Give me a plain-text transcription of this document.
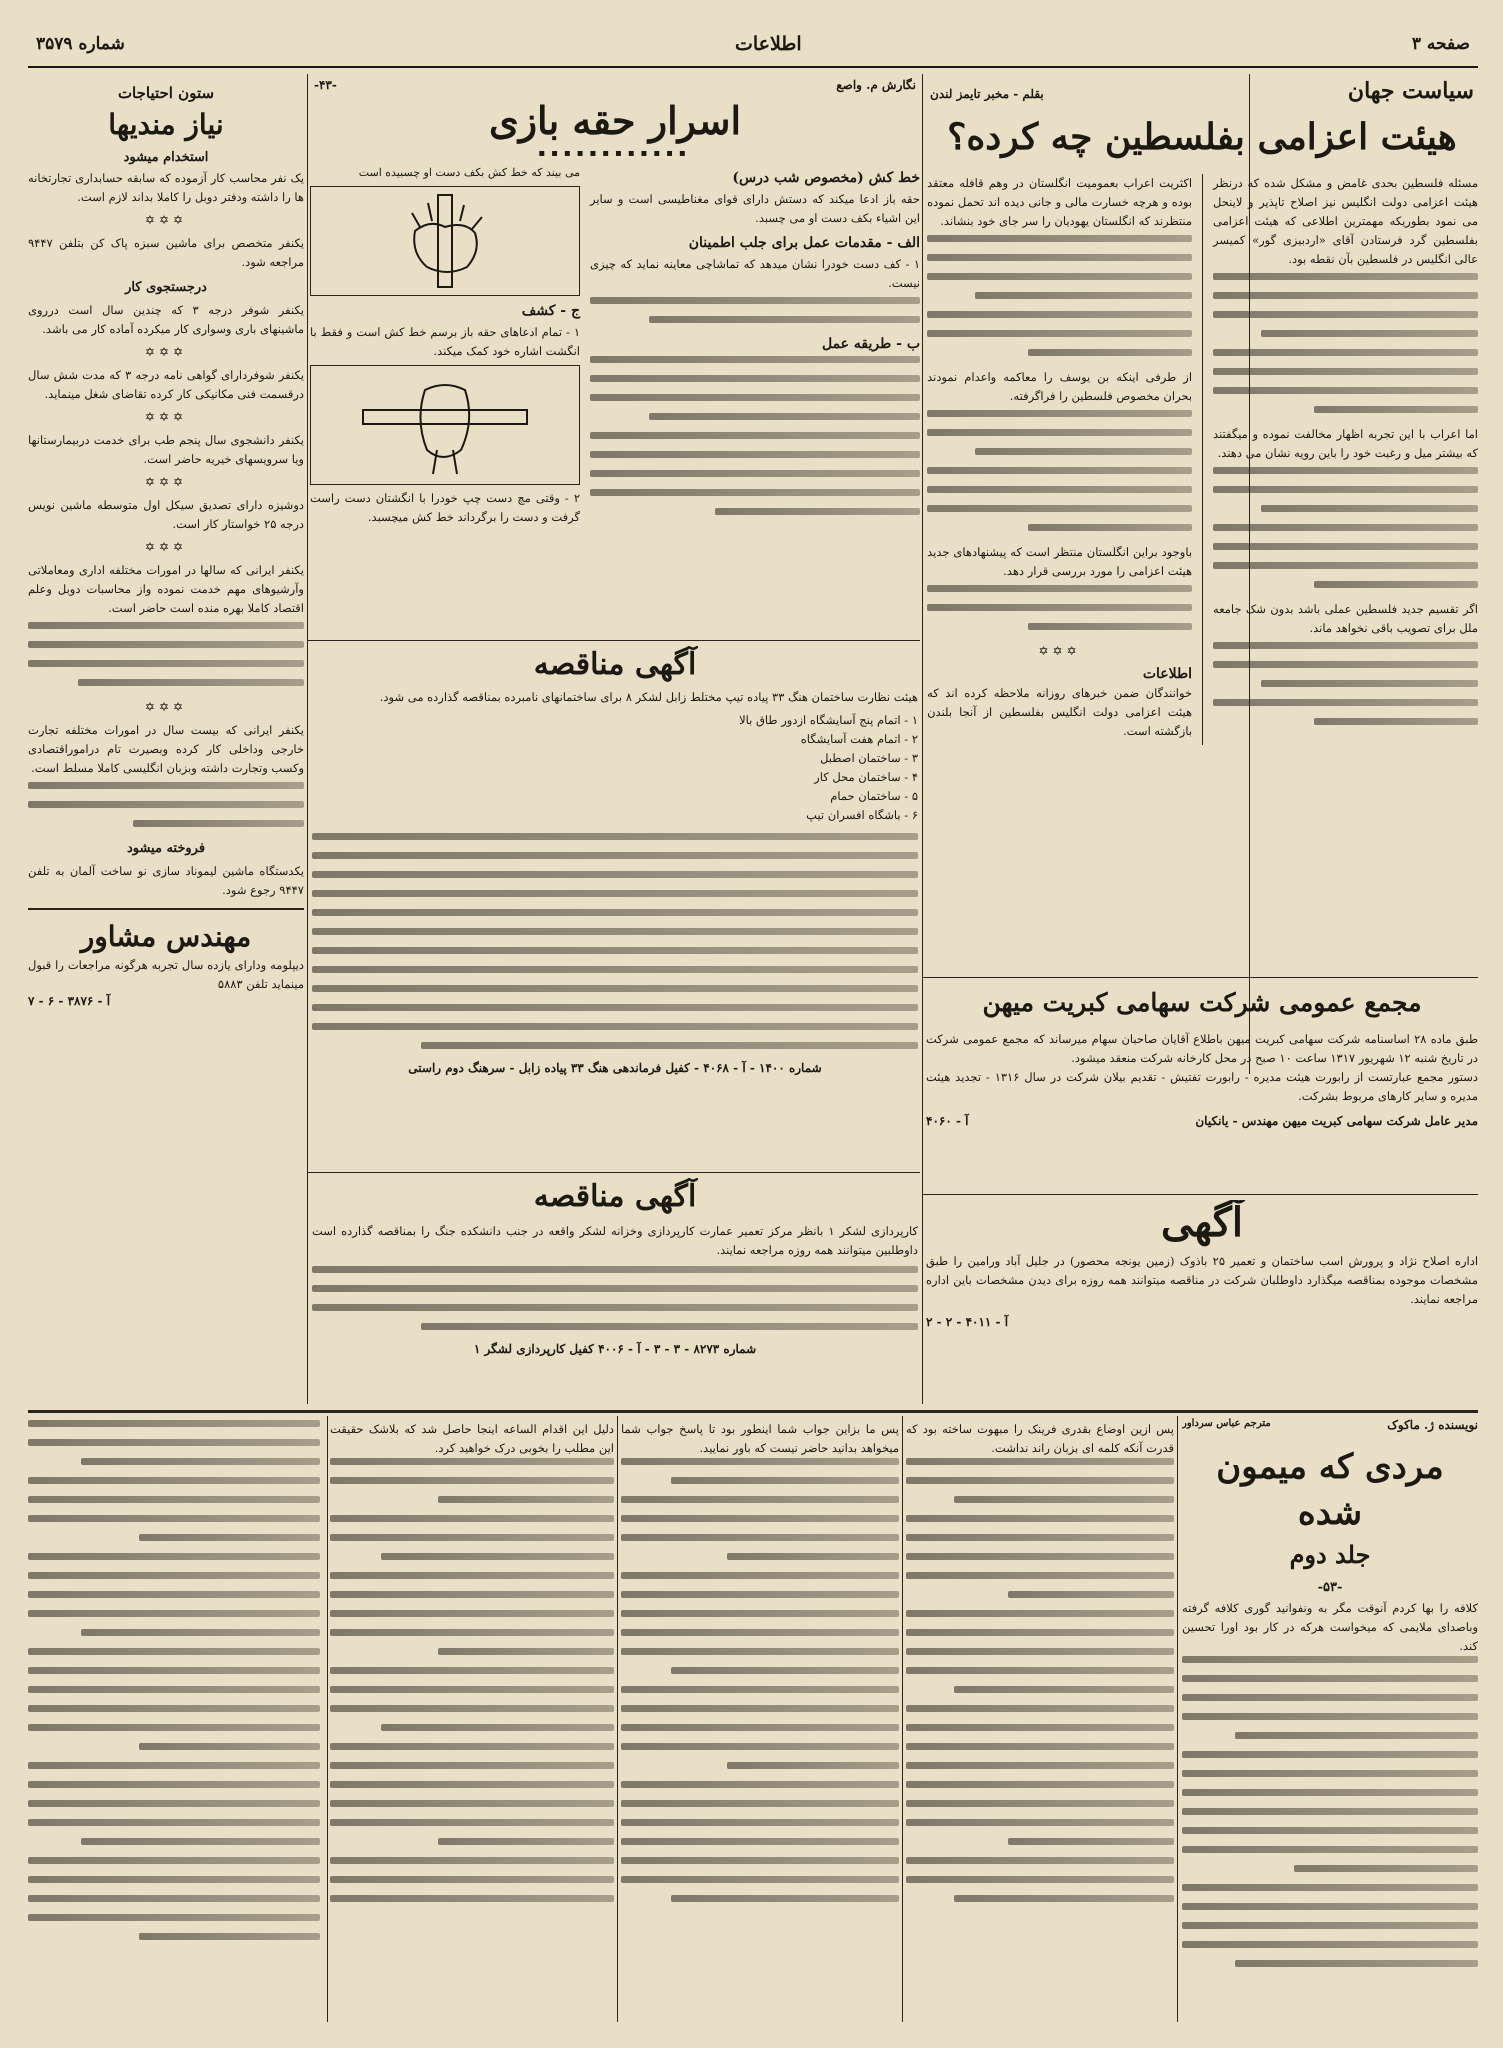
صفحه ۳
اطلاعات
شماره ۳۵۷۹
سیاست جهان
بقلم - مخبر تایمز لندن
هیئت اعزامی بفلسطین چه کرده؟

مسئله فلسطین بحدی غامض و مشکل شده که درنظر هیئت اعزامی دولت انگلیس نیز اصلاح تاپذیر و لاینحل می نمود بطوریکه مهمترین اطلاعی که هیئت اعزامی بفلسطین گرد فرستادن آقای «اردبیزی گور» کمیسر عالی انگلیس در فلسطین بآن نقطه بود.

اما اعراب با این تجربه اظهار مخالفت نموده و میگفتند که بیشتر میل و رغبت خود را باین رویه نشان می دهند.

اگر تقسیم جدید فلسطین عملی باشد بدون شک جامعه ملل برای تصویب باقی نخواهد ماند.

اکثریت اعراب بعمومیت انگلستان در وهم قافله معتقد بوده و هرچه خسارت مالی و جانی دیده اند تحمل نموده منتظرند که انگلستان یهودیان را سر جای خود بنشاند.

از طرفی اینکه بن یوسف را معاکمه واعدام نمودند بحران مخصوص فلسطین را فراگرفته.

باوجود براین انگلستان منتظر است که پیشنهادهای جدید هیئت اعزامی را مورد بررسی قرار دهد.

✡✡✡
اطلاعات

خوانندگان ضمن خبرهای روزانه ملاحظه کرده اند که هیئت اعزامی دولت انگلیس بفلسطین از آنجا بلندن بازگشته است.

مجمع عمومی شرکت سهامی کبریت میهن

طبق ماده ۲۸ اساسنامه شرکت سهامی کبریت میهن باطلاع آقایان صاحبان سهام میرساند که مجمع عمومی شرکت در تاریخ شنبه ۱۲ شهریور ۱۳۱۷ ساعت ۱۰ صبح در محل کارخانه شرکت منعقد میشود.

دستور مجمع عبارتست از رابورت هیئت مدیره - رابورت تفتیش - تقدیم بیلان شرکت در سال ۱۳۱۶ - تجدید هیئت مدیره و سایر کارهای مربوط بشرکت.

مدیر عامل شرکت سهامی کبریت میهن مهندس - یانکیان
آ - ۴۰۶۰
آگهی

اداره اصلاح نژاد و پرورش اسب ساختمان و تعمیر ۲۵ باذوک (زمین یونجه محصور) در جلیل آباد ورامین را طبق مشخصات موجوده بمناقصه میگذارد داوطلبان شرکت در مناقصه میتوانند همه روزه برای دیدن مشخصات باین اداره مراجعه نمایند.

آ - ۴۰۱۱ - ۲ - ۲
نگارش م. واصع
-۴۳-
اسرار حقه بازی
▪▪▪▪▪▪▪▪▪▪▪▪
خط کش (مخصوص شب درس)

حقه باز ادعا میکند که دستش دارای قوای مغناطیسی است و سایر این اشیاء بکف دست او می چسبد.

الف - مقدمات عمل برای جلب اطمینان

۱ - کف دست خودرا نشان میدهد که تماشاچی معاینه نماید که چیزی نیست.

ب - طریقه عمل

می بیند که خط کش بکف دست او چسبیده است

ج - کشف

۱ - تمام ادعاهای حقه باز برسم خط کش است و فقط با انگشت اشاره خود کمک میکند.

۲ - وقتی مچ دست چپ خودرا با انگشتان دست راست گرفت و دست را برگرداند خط کش میچسبد.

آگهی مناقصه

هیئت نظارت ساختمان هنگ ۳۳ پیاده تیپ مختلط زابل لشکر ۸ برای ساختمانهای نامبرده بمناقصه گذارده می شود.

۱ - اتمام پنج آسایشگاه ازدور طاق بالا
۲ - اتمام هفت آسایشگاه
۳ - ساختمان اصطبل
۴ - ساختمان محل کار
۵ - ساختمان حمام
۶ - باشگاه افسران تیپ
شماره ۱۴۰۰ - آ - ۴۰۶۸ - کفیل فرماندهی هنگ ۳۳ پیاده زابل - سرهنگ دوم راستی
آگهی مناقصه

کارپردازی لشکر ۱ بانظر مرکز تعمیر عمارت کارپردازی وخزانه لشکر واقعه در جنب دانشکده جنگ را بمناقصه گذارده است داوطلبین میتوانند همه روزه مراجعه نمایند.

شماره ۸۲۷۳ - ۳ - ۳ - آ - ۴۰۰۶ کفیل کارپردازی لشگر ۱
ستون احتیاجات
نیاز مندیها
استخدام میشود

یک نفر محاسب کار آزموده که سابقه حسابداری تجارتخانه ها را داشته ودفتر دوبل را کاملا بداند لازم است.

✡✡✡

یکنفر متخصص برای ماشین سبزه پاک کن بتلفن ۹۴۴۷ مراجعه شود.

درجستجوی کار

یکنفر شوفر درجه ۳ که چندین سال است درروی ماشینهای باری وسواری کار میکرده آماده کار می باشد.

✡✡✡

یکنفر شوفردارای گواهی نامه درجه ۳ که مدت شش سال درقسمت فنی مکانیکی کار کرده تقاضای شغل مینماید.

✡✡✡

یکنفر دانشجوی سال پنجم طب برای خدمت دربیمارستانها ویا سرویسهای خیریه حاضر است.

✡✡✡

دوشیزه دارای تصدیق سیکل اول متوسطه ماشین نویس درجه ۲۵ خواستار کار است.

✡✡✡

یکنفر ایرانی که سالها در امورات مختلفه اداری ومعاملاتی وآرشیوهای مهم خدمت نموده واز محاسبات دوبل وعلم اقتصاد کاملا بهره منده است حاضر است.

✡✡✡

یکنفر ایرانی که بیست سال در امورات مختلفه تجارت خارجی وداخلی کار کرده وبصیرت تام دراموراقتصادی وکسب وتجارت داشته وبزبان انگلیسی کاملا مسلط است.

فروخته میشود

یکدستگاه ماشین لیموناد سازی نو ساخت آلمان به تلفن ۹۴۴۷ رجوع شود.

مهندس مشاور

دیپلومه ودارای یازده سال تجربه هرگونه مراجعات را قبول مینماید تلفن ۵۸۸۳

آ - ۳۸۷۶ - ۶ - ۷
نویسنده ژ. ماکوک
مترجم عباس سرداور
مردی که میمون شده
جلد دوم
-۵۳-

کلافه را بها کردم آنوقت مگر به ونفوانید گوری کلافه گرفته وباصدای ملایمی که میخواست هرکه در کار بود اورا تحسین کند.

پس ازین اوضاع بقدری فرینک را مبهوت ساخته بود که قدرت آنکه کلمه ای بزبان راند نداشت.

پس ما بزاین جواب شما اینطور بود تا پاسخ جواب شما میخواهد بدانید حاضر نیست که باور نمایید.

دلیل این اقدام الساعه اینجا حاصل شد که بلاشک حقیقت این مطلب را بخوبی درک خواهید کرد.
